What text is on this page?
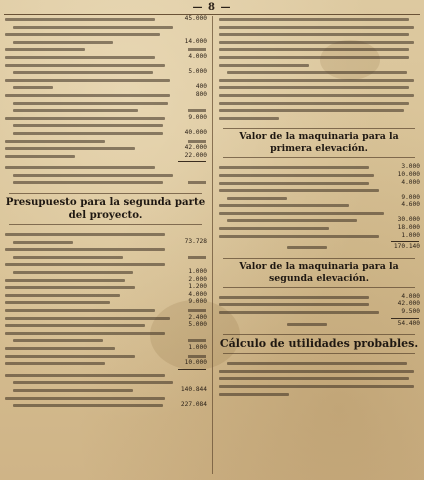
— 8 —
45.000
14.000
4.000
5.000
400
800
9.000
40.000
42.000
22.000
Presupuesto para la segunda parte del proyecto.
73.728
1.000
2.000
1.200
4.000
9.000
2.400
5.000
1.000
10.000
140.844
227.084
Valor de la maquinaria para la primera elevación.
3.000
10.000
4.000
9.000
4.600
30.000
18.000
1.000
170.140
Valor de la maquinaria para la segunda elevación.
4.000
42.000
9.500
54.400
Cálculo de utilidades probables.
